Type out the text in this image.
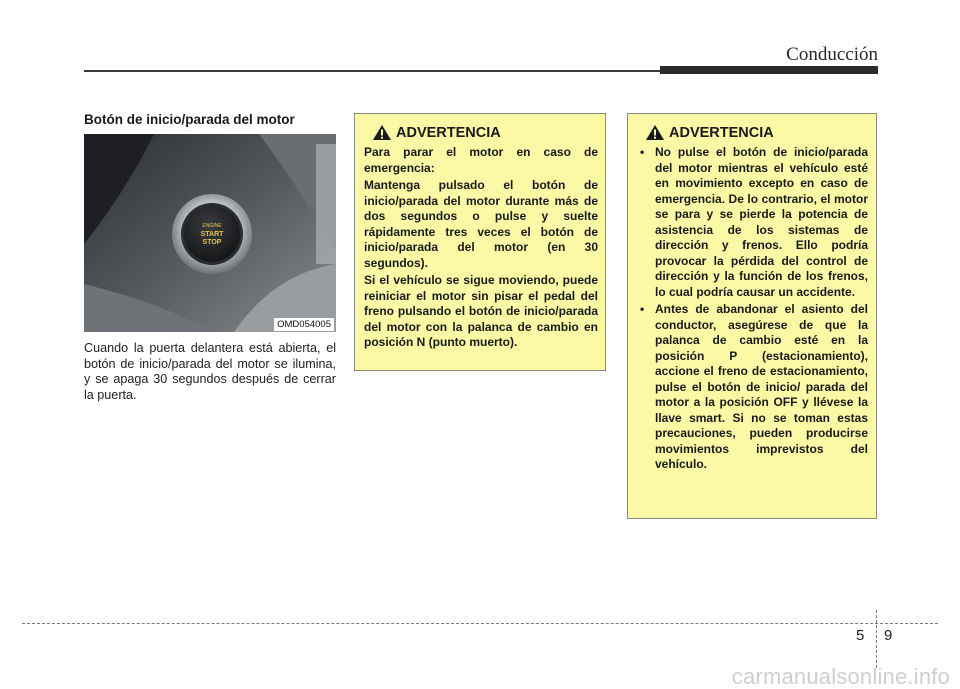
Conducción
Botón de inicio/parada del motor
ENGINE
START
STOP
OMD054005
Cuando la puerta delantera está abierta, el botón de inicio/parada del motor se ilumina, y se apaga 30 segundos después de cerrar la puerta.
ADVERTENCIA

Para parar el motor en caso de emergencia:

Mantenga pulsado el botón de inicio/parada del motor durante más de dos segundos o pulse y suelte rápidamente tres veces el botón de inicio/parada del motor (en 30 segundos).

Si el vehículo se sigue moviendo, puede reiniciar el motor sin pisar el pedal del freno pulsando el botón de inicio/parada del motor con la palanca de cambio en posición N (punto muerto).

ADVERTENCIA
• No pulse el botón de inicio/parada del motor mientras el vehículo esté en movimiento excepto en caso de emergencia. De lo contrario, el motor se para y se pierde la potencia de asistencia de los sistemas de dirección y frenos. Ello podría provocar la pérdida del control de dirección y la función de los frenos, lo cual podría causar un accidente.
• Antes de abandonar el asiento del conductor, asegúrese de que la palanca de cambio esté en la posición P (estacionamiento), accione el freno de estacionamiento, pulse el botón de inicio/ parada del motor a la posición OFF y llévese la llave smart. Si no se toman estas precauciones, pueden producirse movimientos imprevistos del vehículo.
5 9
carmanualsonline.info
